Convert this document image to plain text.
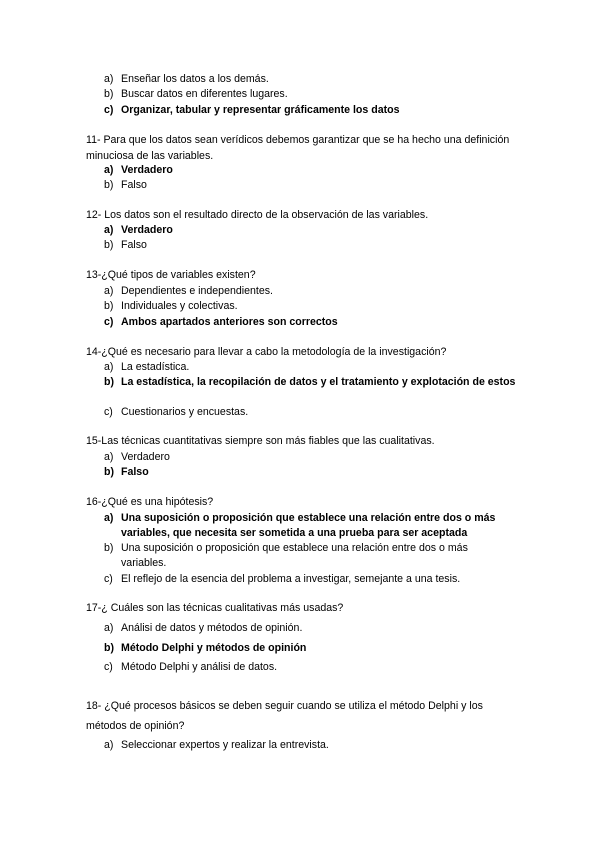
a) Enseñar los datos a los demás.
b) Buscar datos en diferentes lugares.
c) Organizar, tabular y representar gráficamente los datos

11- Para que los datos sean verídicos debemos garantizar que se ha hecho una definición minuciosa de las variables.

a) Verdadero
b) Falso

12- Los datos son el resultado directo de la observación de las variables.

a) Verdadero
b) Falso

13-¿Qué tipos de variables existen?

a) Dependientes e independientes.
b) Individuales y colectivas.
c) Ambos apartados anteriores son correctos

14-¿Qué es necesario para llevar a cabo la metodología de la investigación?

a) La estadística.
b) La estadística, la recopilación de datos y el tratamiento y explotación de estos
c) Cuestionarios y encuestas.

15-Las técnicas cuantitativas siempre son más fiables que las cualitativas.

a) Verdadero
b) Falso

16-¿Qué es una hipótesis?

a) Una suposición o proposición que establece una relación entre dos o más variables, que necesita ser sometida a una prueba para ser aceptada
b) Una suposición o proposición que establece una relación entre dos o más variables.
c) El reflejo de la esencia del problema a investigar, semejante a una tesis.

17-¿ Cuáles son las técnicas cualitativas más usadas?

a) Análisi de datos y métodos de opinión.
b) Método Delphi y métodos de opinión
c) Método Delphi y análisi de datos.

18- ¿Qué procesos básicos se deben seguir cuando se utiliza el método Delphi y los métodos de opinión?

a) Seleccionar expertos y realizar la entrevista.
